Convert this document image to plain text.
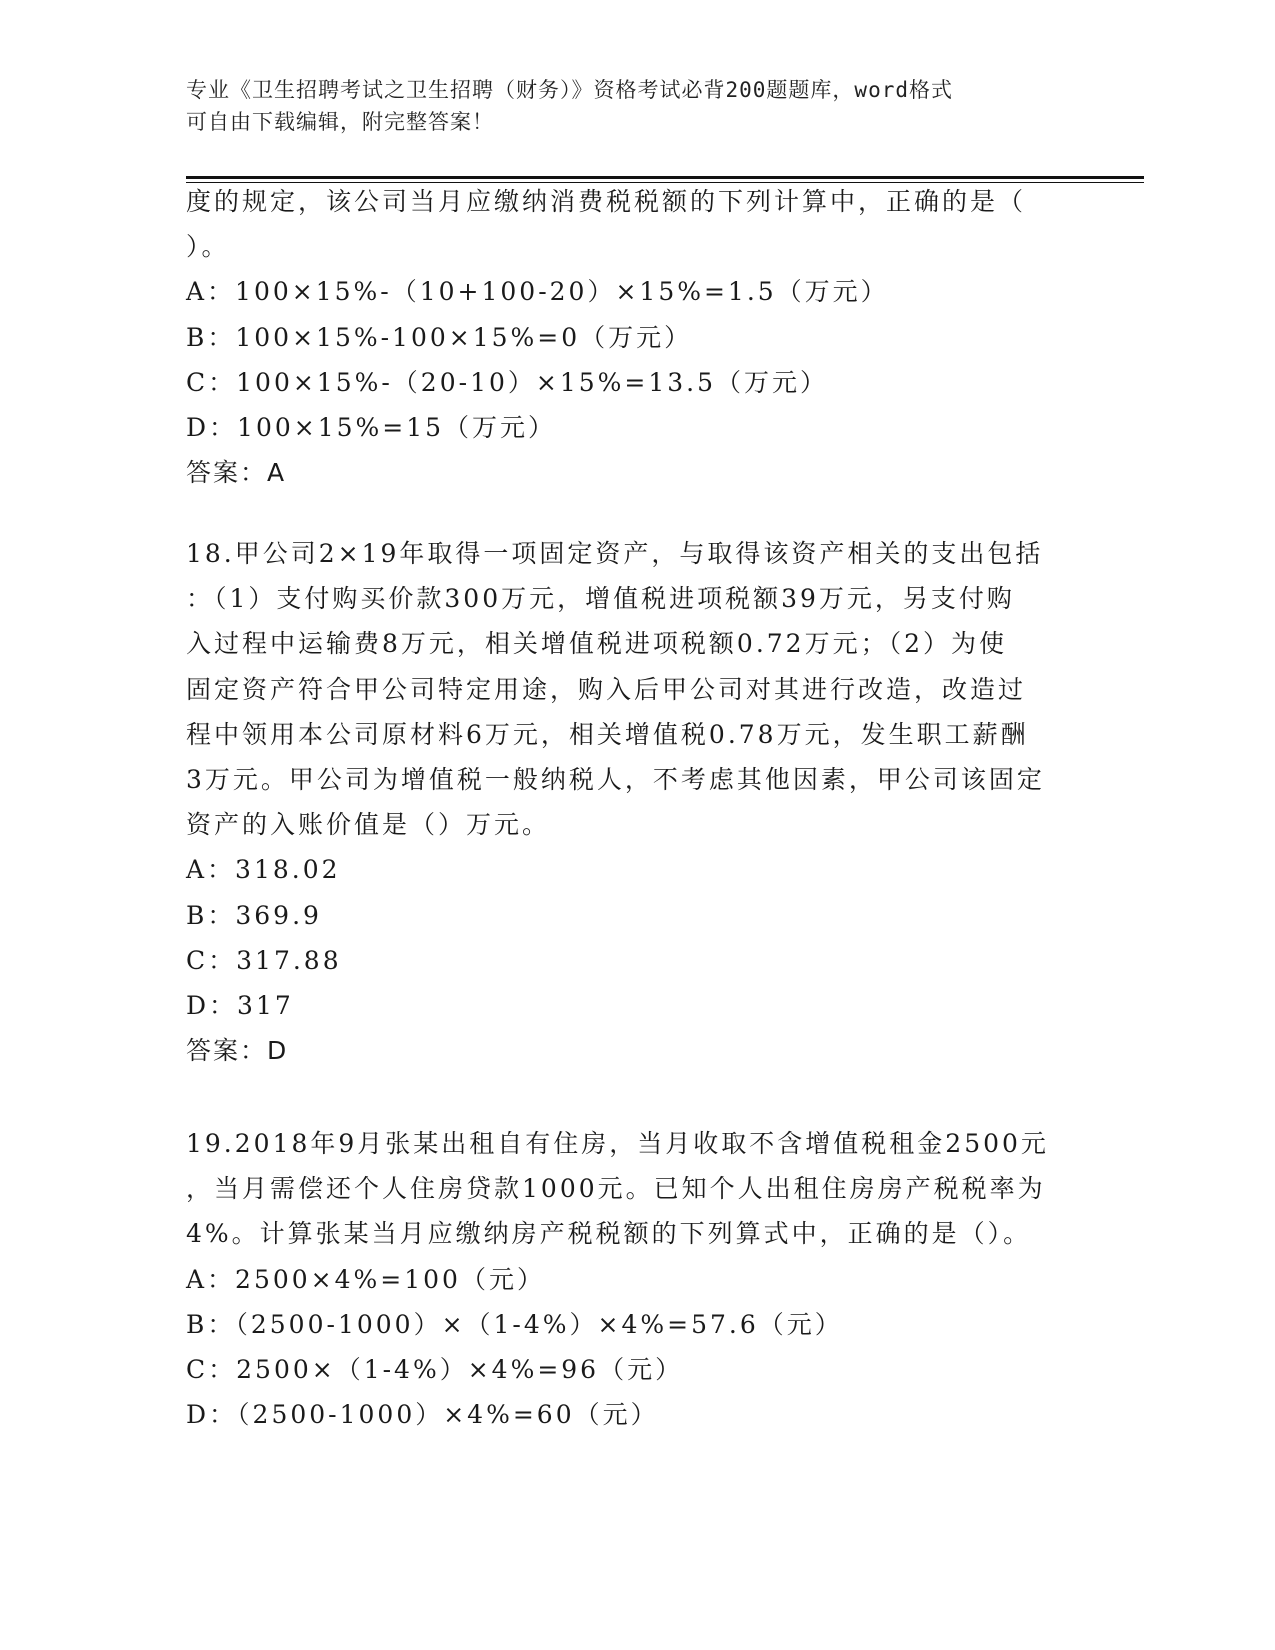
专业《卫生招聘考试之卫生招聘（财务）》资格考试必背200题题库，word格式
可自由下载编辑，附完整答案！
度的规定，该公司当月应缴纳消费税税额的下列计算中，正确的是（
）。
A：100×15%-（10+100-20）×15%=1.5（万元）
B：100×15%-100×15%=0（万元）
C：100×15%-（20-10）×15%=13.5（万元）
D：100×15%=15（万元）
答案：A
18.甲公司2×19年取得一项固定资产，与取得该资产相关的支出包括
：（1）支付购买价款300万元，增值税进项税额39万元，另支付购
入过程中运输费8万元，相关增值税进项税额0.72万元；（2）为使
固定资产符合甲公司特定用途，购入后甲公司对其进行改造，改造过
程中领用本公司原材料6万元，相关增值税0.78万元，发生职工薪酬
3万元。甲公司为增值税一般纳税人，不考虑其他因素，甲公司该固定
资产的入账价值是（）万元。
A：318.02
B：369.9
C：317.88
D：317
答案：D
19.2018年9月张某出租自有住房，当月收取不含增值税租金2500元
，当月需偿还个人住房贷款1000元。已知个人出租住房房产税税率为
4%。计算张某当月应缴纳房产税税额的下列算式中，正确的是（）。
A：2500×4%=100（元）
B：（2500-1000）×（1-4%）×4%=57.6（元）
C：2500×（1-4%）×4%=96（元）
D：（2500-1000）×4%=60（元）
